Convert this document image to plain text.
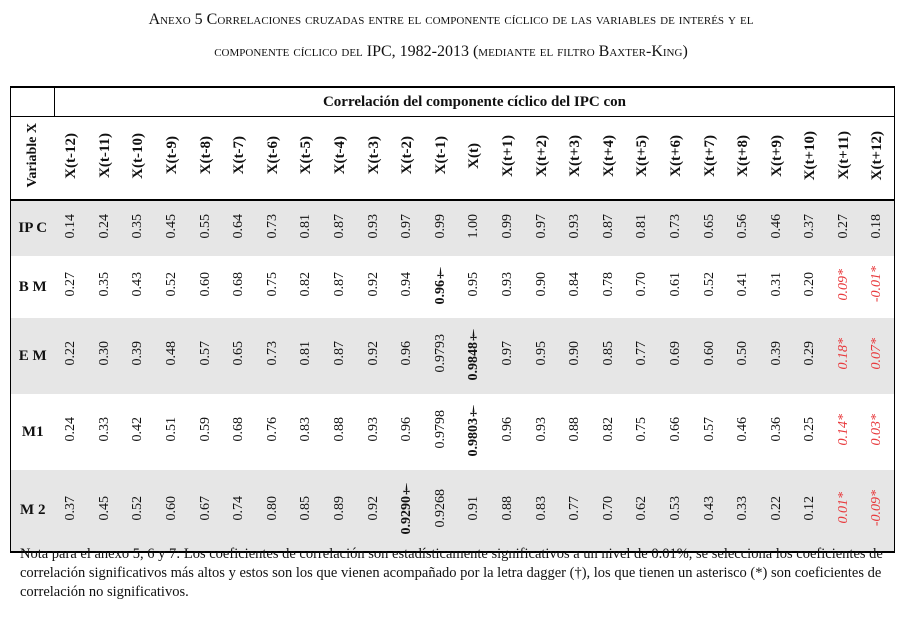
Anexo 5 Correlaciones cruzadas entre el componente cíclico de las variables de interés y el
componente cíclico del IPC, 1982-2013 (mediante el filtro Baxter-King)
	Correlación del componente cíclico del IPC con																								
Variable X	X(t-12)	X(t-11)	X(t-10)	X(t-9)	X(t-8)	X(t-7)	X(t-6)	X(t-5)	X(t-4)	X(t-3)	X(t-2)	X(t-1)	X(t)	X(t+1)	X(t+2)	X(t+3)	X(t+4)	X(t+5)	X(t+6)	X(t+7)	X(t+8)	X(t+9)	X(t+10)	X(t+11)	X(t+12)
IP C	0.14	0.24	0.35	0.45	0.55	0.64	0.73	0.81	0.87	0.93	0.97	0.99	1.00	0.99	0.97	0.93	0.87	0.81	0.73	0.65	0.56	0.46	0.37	0.27	0.18
B M	0.27	0.35	0.43	0.52	0.60	0.68	0.75	0.82	0.87	0.92	0.94	0.96†	0.95	0.93	0.90	0.84	0.78	0.70	0.61	0.52	0.41	0.31	0.20	0.09*	-0.01*
E M	0.22	0.30	0.39	0.48	0.57	0.65	0.73	0.81	0.87	0.92	0.96	0.9793	0.9848†	0.97	0.95	0.90	0.85	0.77	0.69	0.60	0.50	0.39	0.29	0.18*	0.07*
M1	0.24	0.33	0.42	0.51	0.59	0.68	0.76	0.83	0.88	0.93	0.96	0.9798	0.9803†	0.96	0.93	0.88	0.82	0.75	0.66	0.57	0.46	0.36	0.25	0.14*	0.03*
M 2	0.37	0.45	0.52	0.60	0.67	0.74	0.80	0.85	0.89	0.92	0.9290†	0.9268	0.91	0.88	0.83	0.77	0.70	0.62	0.53	0.43	0.33	0.22	0.12	0.01*	-0.09*
Nota para el anexo 5, 6 y 7: Los coeficientes de correlación son estadísticamente significativos a un nivel de 0.01%, se selecciona los coeficientes de correlación significativos más altos y estos son los que vienen acompañado por la letra dagger (†), los que tienen un asterisco (*) son coeficientes de correlación no significativos.
